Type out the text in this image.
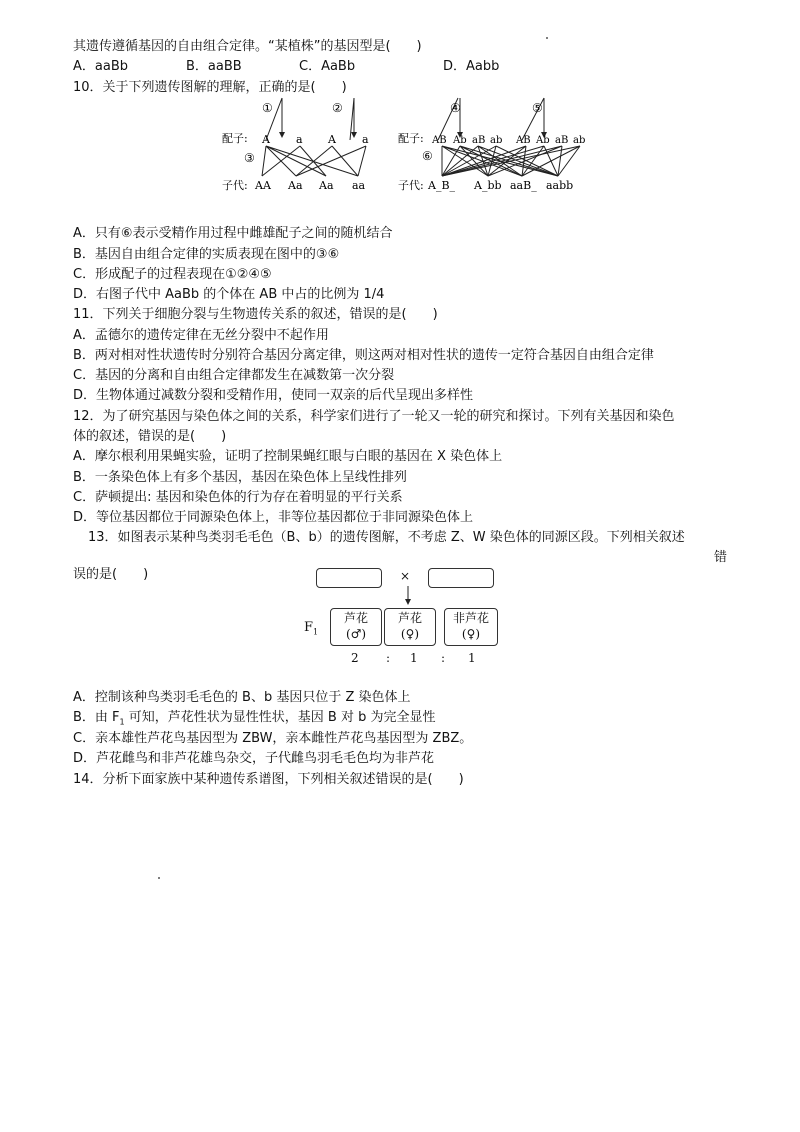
其遗传遵循基因的自由组合定律。“某植株”的基因型是(　　)
A．aaBb	B．aaBB	C．AaBb	D．Aabb
10．关于下列遗传图解的理解，正确的是(　　)
①	②
③
配子: A a A a
子代: AA Aa Aa aa
④	⑤
⑥
配子: AB Ab aB ab AB Ab aB ab
子代: A_B_ A_bb aaB_ aabb
A．只有⑥表示受精作用过程中雌雄配子之间的随机结合
B．基因自由组合定律的实质表现在图中的③⑥
C．形成配子的过程表现在①②④⑤
D．右图子代中 AaBb 的个体在 AB 中占的比例为 1/4
11．下列关于细胞分裂与生物遗传关系的叙述，错误的是(　　)
A．孟德尔的遗传定律在无丝分裂中不起作用
B．两对相对性状遗传时分别符合基因分离定律，则这两对相对性状的遗传一定符合基因自由组合定律
C．基因的分离和自由组合定律都发生在减数第一次分裂
D．生物体通过减数分裂和受精作用，使同一双亲的后代呈现出多样性
12．为了研究基因与染色体之间的关系，科学家们进行了一轮又一轮的研究和探讨。下列有关基因和染色
体的叙述，错误的是(　　)
A．摩尔根利用果蝇实验，证明了控制果蝇红眼与白眼的基因在 X 染色体上
B．一条染色体上有多个基因，基因在染色体上呈线性排列
C．萨顿提出: 基因和染色体的行为存在着明显的平行关系
D．等位基因都位于同源染色体上，非等位基因都位于非同源染色体上
13．如图表示某种鸟类羽毛毛色（B、b）的遗传图解，不考虑 Z、W 染色体的同源区段。下列相关叙述
错
误的是(　　)	×
$F_1$
芦花
(♂)
芦花
(♀)
非芦花
(♀)
2 : 1 : 1
A．控制该种鸟类羽毛毛色的 B、b 基因只位于 Z 染色体上
B．由 $F_1$ 可知，芦花性状为显性性状，基因 B 对 b 为完全显性
C．亲本雄性芦花鸟基因型为 ZBW，亲本雌性芦花鸟基因型为 ZBZ。
D．芦花雌鸟和非芦花雄鸟杂交，子代雌鸟羽毛毛色均为非芦花
14．分析下面家族中某种遗传系谱图，下列相关叙述错误的是(　　)
